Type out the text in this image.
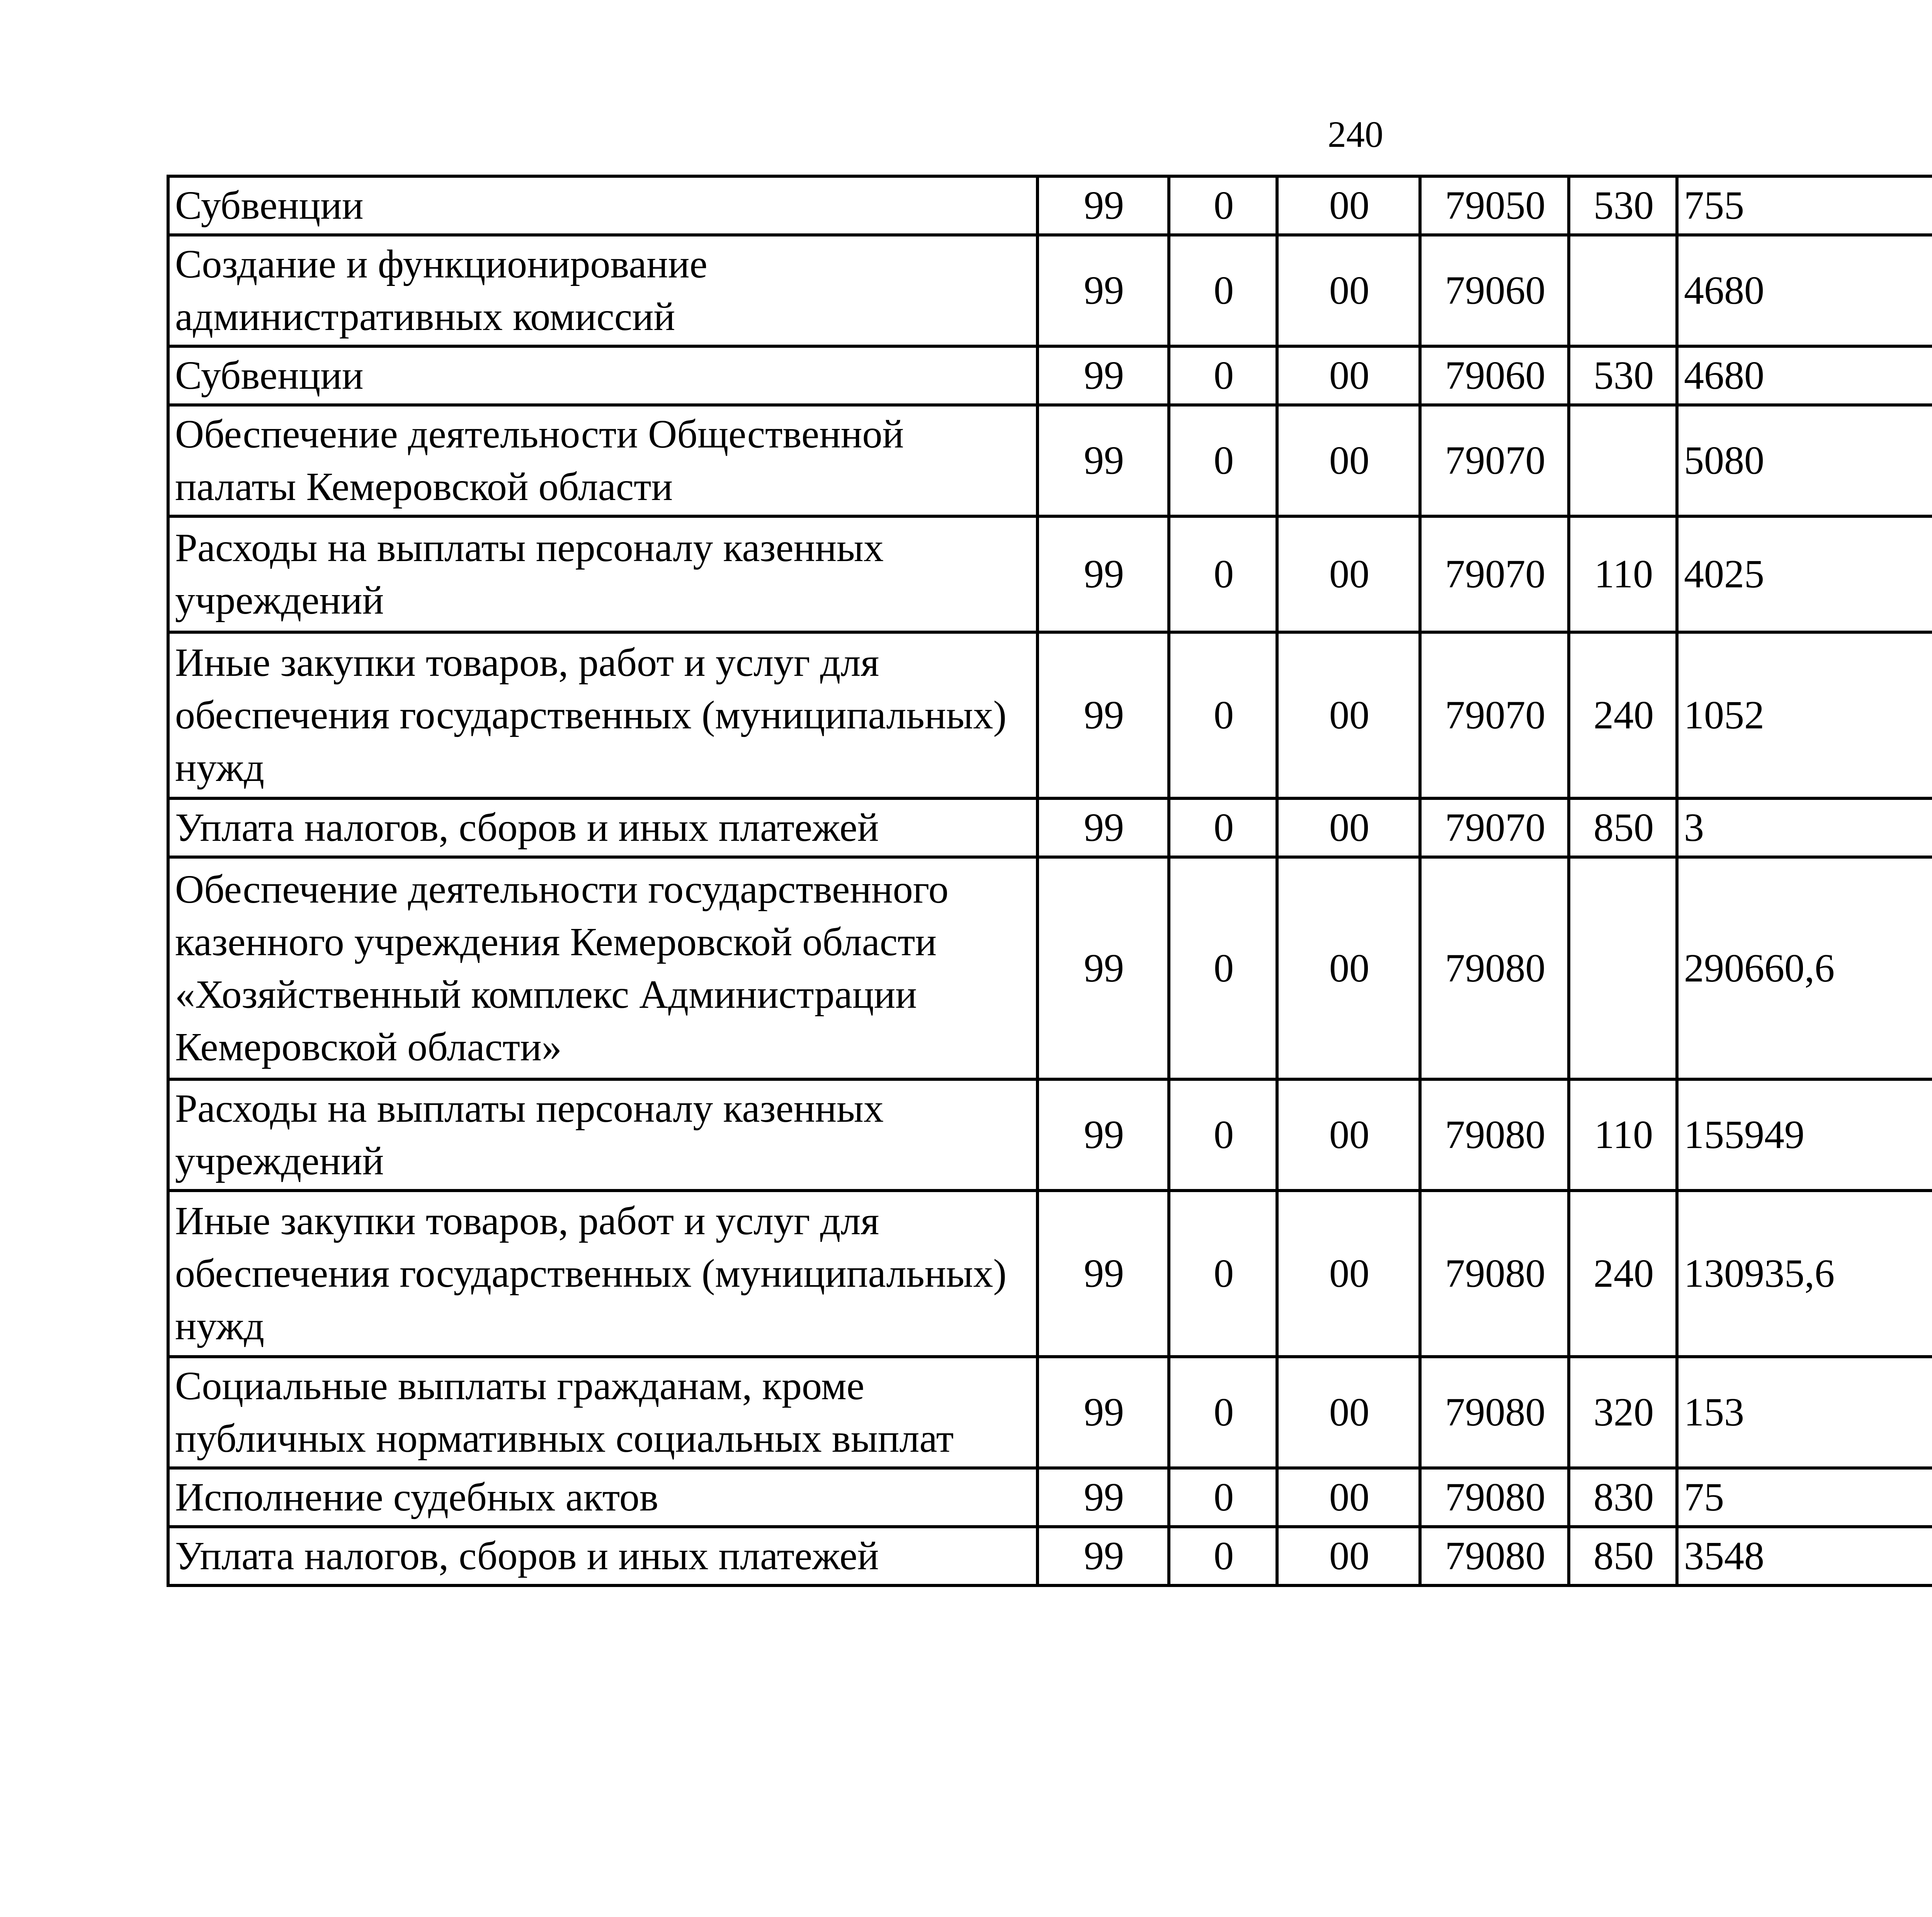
240
Субвенции	99	0	00	79050	530	755		
Создание и функционирование административных комиссий	99	0	00	79060		4680		
Субвенции	99	0	00	79060	530	4680		
Обеспечение деятельности Общественной палаты Кемеровской области	99	0	00	79070		5080		
Расходы на выплаты персоналу казенных учреждений	99	0	00	79070	110	4025		
Иные закупки товаров, работ и услуг для обеспечения государственных (муниципальных) нужд	99	0	00	79070	240	1052		
Уплата налогов, сборов и иных платежей	99	0	00	79070	850	3		
Обеспечение деятельности государственного казенного учреждения Кемеровской области «Хозяйственный комплекс Администрации Кемеровской области»	99	0	00	79080		290660,6		
Расходы на выплаты персоналу казенных учреждений	99	0	00	79080	110	155949		
Иные закупки товаров, работ и услуг для обеспечения государственных (муниципальных) нужд	99	0	00	79080	240	130935,6		
Социальные выплаты гражданам, кроме публичных нормативных социальных выплат	99	0	00	79080	320	153		
Исполнение судебных актов	99	0	00	79080	830	75		
Уплата налогов, сборов и иных платежей	99	0	00	79080	850	3548		
